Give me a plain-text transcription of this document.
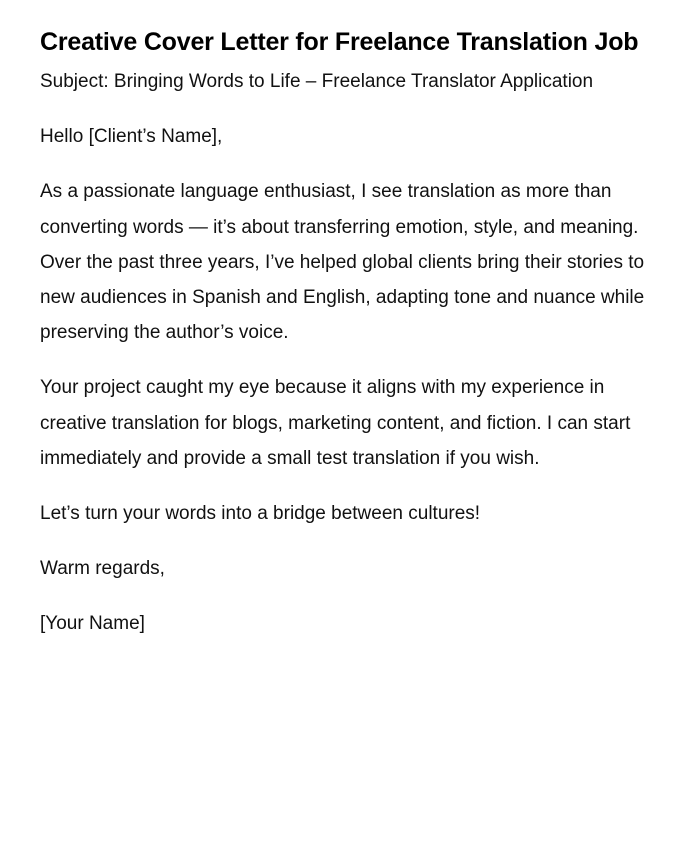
Creative Cover Letter for Freelance Translation Job

Subject: Bringing Words to Life – Freelance Translator Application

Hello [Client’s Name],

As a passionate language enthusiast, I see translation as more than converting words — it’s about transferring emotion, style, and meaning. Over the past three years, I’ve helped global clients bring their stories to new audiences in Spanish and English, adapting tone and nuance while preserving the author’s voice.

Your project caught my eye because it aligns with my experience in creative translation for blogs, marketing content, and fiction. I can start immediately and provide a small test translation if you wish.

Let’s turn your words into a bridge between cultures!

Warm regards,

[Your Name]
